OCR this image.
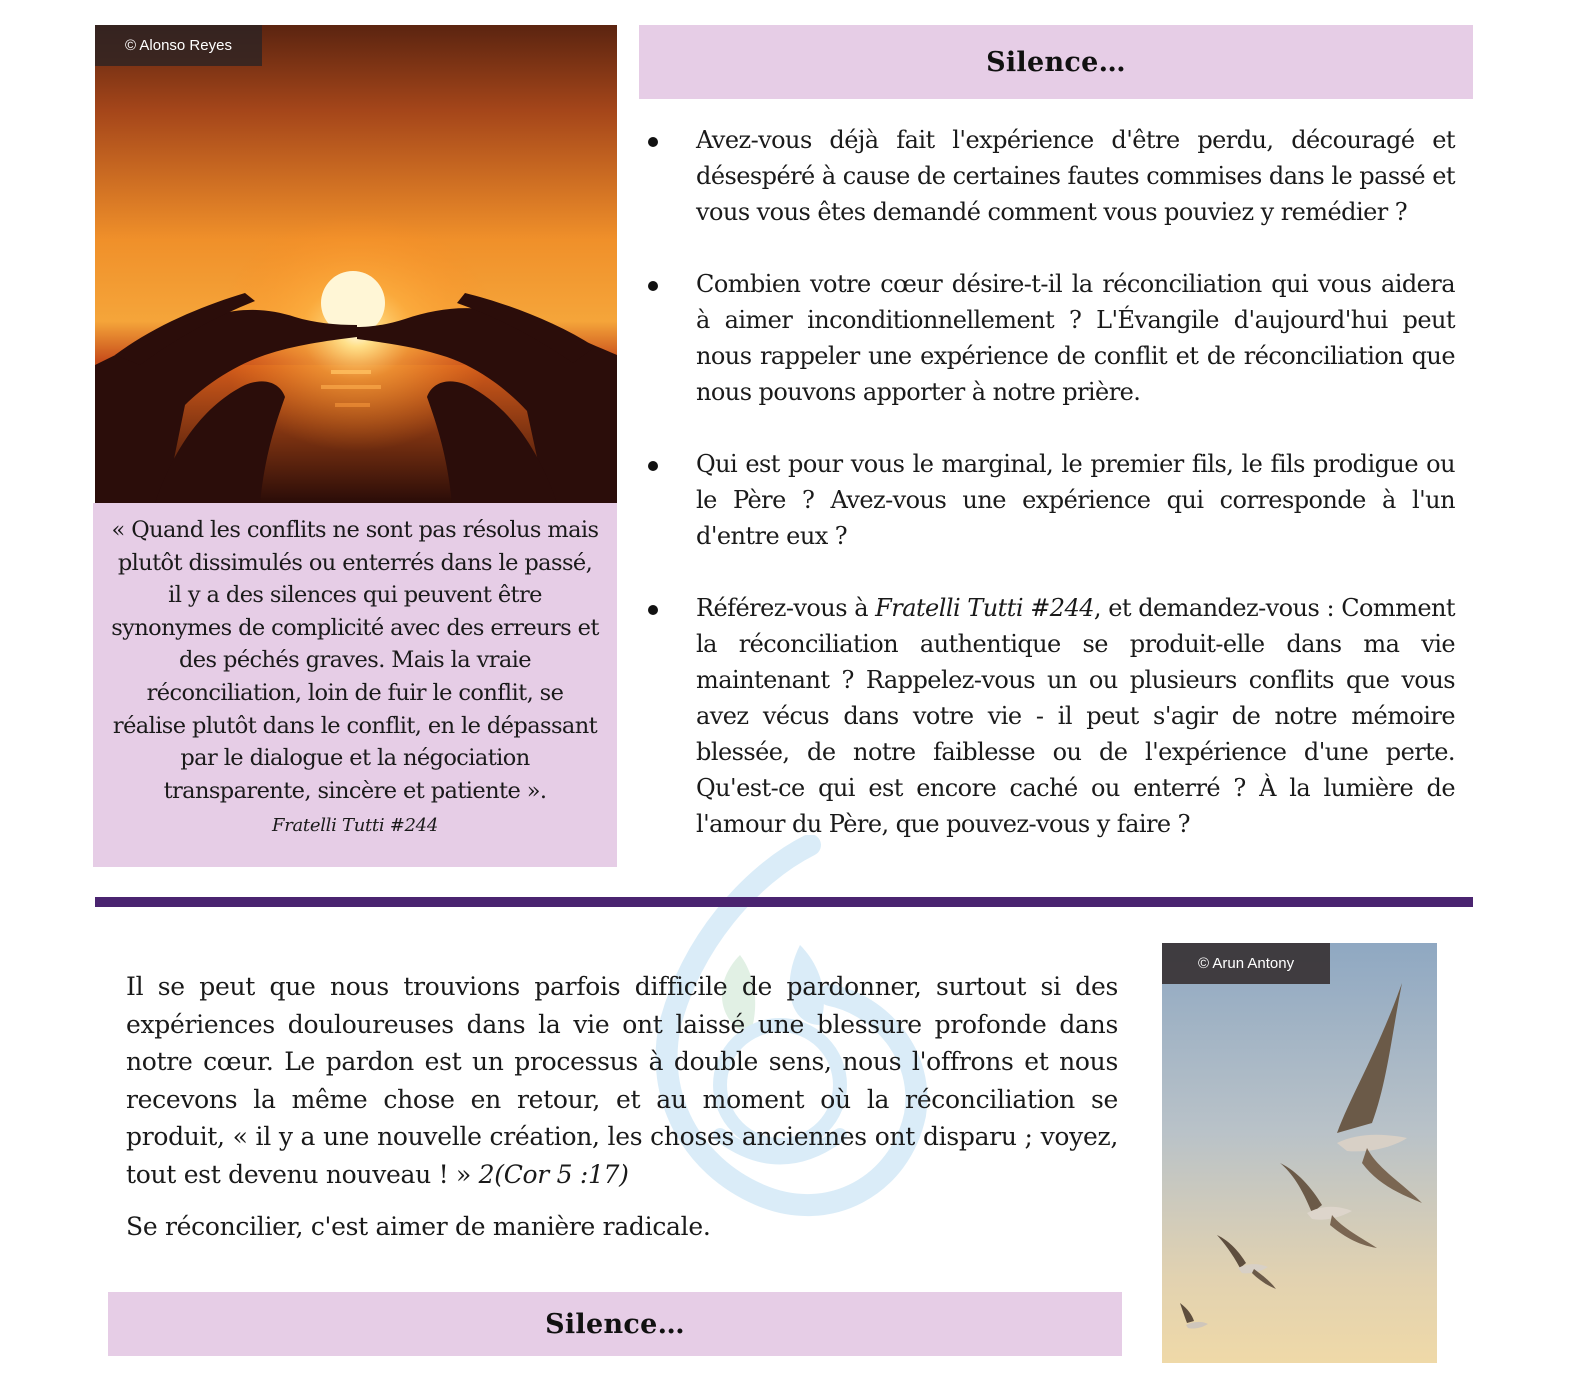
© Alonso Reyes

« Quand les conflits ne sont pas résolus mais plutôt dissimulés ou enterrés dans le passé, il y a des silences qui peuvent être synonymes de complicité avec des erreurs et des péchés graves. Mais la vraie réconciliation, loin de fuir le conflit, se réalise plutôt dans le conflit, en le dépassant par le dialogue et la négociation transparente, sincère et patiente ».

Fratelli Tutti #244

Silence…
Avez-vous déjà fait l'expérience d'être perdu, découragé et désespéré à cause de certaines fautes commises dans le passé et vous vous êtes demandé comment vous pouviez y remédier ?
Combien votre cœur désire-t-il la réconciliation qui vous aidera à aimer inconditionnellement ? L'Évangile d'aujourd'hui peut nous rappeler une expérience de conflit et de réconciliation que nous pouvons apporter à notre prière.
Qui est pour vous le marginal, le premier fils, le fils prodigue ou le Père ? Avez-vous une expérience qui corresponde à l'un d'entre eux ?
Référez-vous à Fratelli Tutti #244, et demandez-vous : Comment la réconciliation authentique se produit-elle dans ma vie maintenant ? Rappelez-vous un ou plusieurs conflits que vous avez vécus dans votre vie - il peut s'agir de notre mémoire blessée, de notre faiblesse ou de l'expérience d'une perte. Qu'est-ce qui est encore caché ou enterré ? À la lumière de l'amour du Père, que pouvez-vous y faire ?

Il se peut que nous trouvions parfois difficile de pardonner, surtout si des expériences douloureuses dans la vie ont laissé une blessure profonde dans notre cœur. Le pardon est un processus à double sens, nous l'offrons et nous recevons la même chose en retour, et au moment où la réconciliation se produit, « il y a une nouvelle création, les choses anciennes ont disparu ; voyez, tout est devenu nouveau ! » 2(Cor 5 :17)

Se réconcilier, c'est aimer de manière radicale.

Silence…
© Arun Antony
